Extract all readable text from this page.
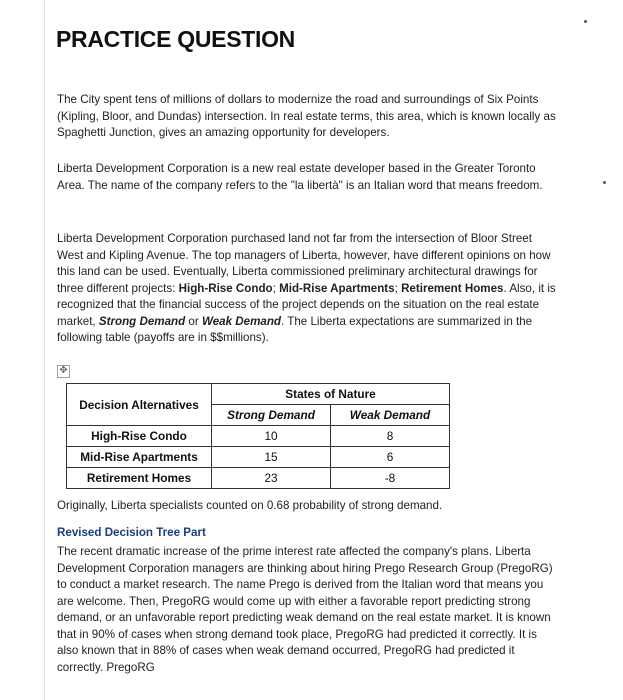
PRACTICE QUESTION
The City spent tens of millions of dollars to modernize the road and surroundings of Six Points (Kipling, Bloor, and Dundas) intersection. In real estate terms, this area, which is known locally as Spaghetti Junction, gives an amazing opportunity for developers.
Liberta Development Corporation is a new real estate developer based in the Greater Toronto Area. The name of the company refers to the "la libertà" is an Italian word that means freedom.
Liberta Development Corporation purchased land not far from the intersection of Bloor Street West and Kipling Avenue. The top managers of Liberta, however, have different opinions on how this land can be used. Eventually, Liberta commissioned preliminary architectural drawings for three different projects: High-Rise Condo; Mid-Rise Apartments; Retirement Homes. Also, it is recognized that the financial success of the project depends on the situation on the real estate market, Strong Demand or Weak Demand. The Liberta expectations are summarized in the following table (payoffs are in $$millions).
✥
Decision Alternatives	States of Nature	
	Strong Demand	Weak Demand
High-Rise Condo	10	8
Mid-Rise Apartments	15	6
Retirement Homes	23	-8
Originally, Liberta specialists counted on 0.68 probability of strong demand.
Revised Decision Tree Part
The recent dramatic increase of the prime interest rate affected the company's plans. Liberta Development Corporation managers are thinking about hiring Prego Research Group (PregoRG) to conduct a market research. The name Prego is derived from the Italian word that means you are welcome. Then, PregoRG would come up with either a favorable report predicting strong demand, or an unfavorable report predicting weak demand on the real estate market. It is known that in 90% of cases when strong demand took place, PregoRG had predicted it correctly. It is also known that in 88% of cases when weak demand occurred, PregoRG had predicted it correctly. PregoRG
